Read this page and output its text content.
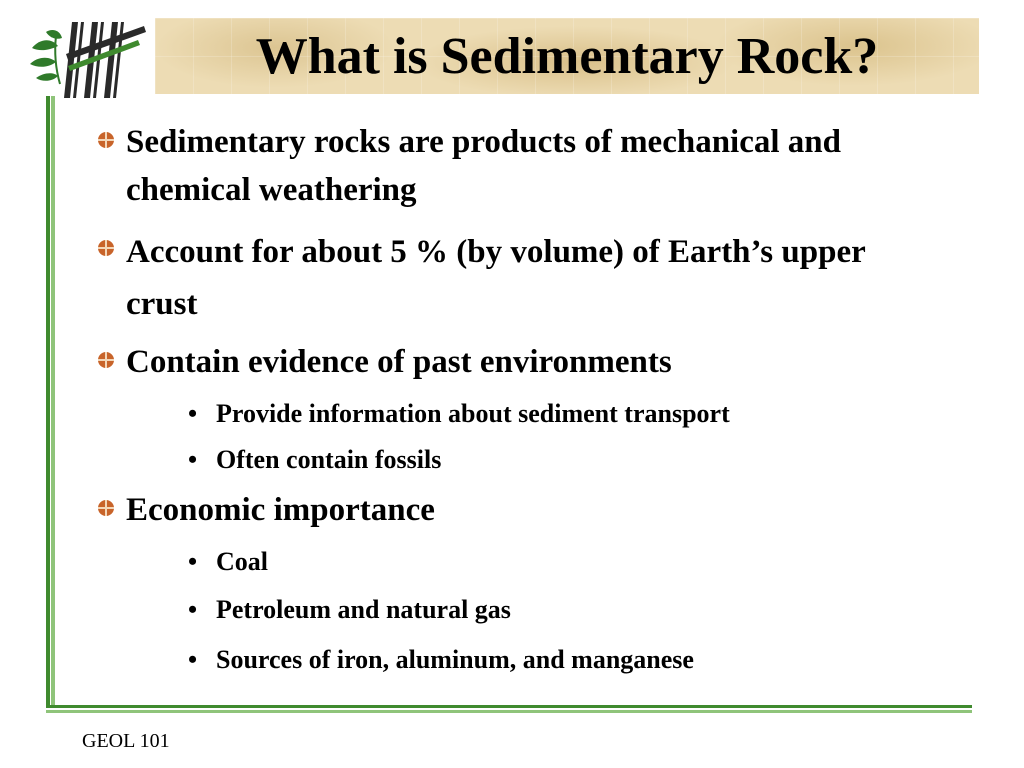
What is Sedimentary Rock?
Sedimentary rocks are products of mechanical and chemical weathering
Account for about 5 % (by volume) of Earth’s upper crust
Contain evidence of past environments
• Provide information about sediment transport
• Often contain fossils
Economic importance
• Coal
• Petroleum and natural gas
• Sources of iron, aluminum, and manganese
GEOL 101
